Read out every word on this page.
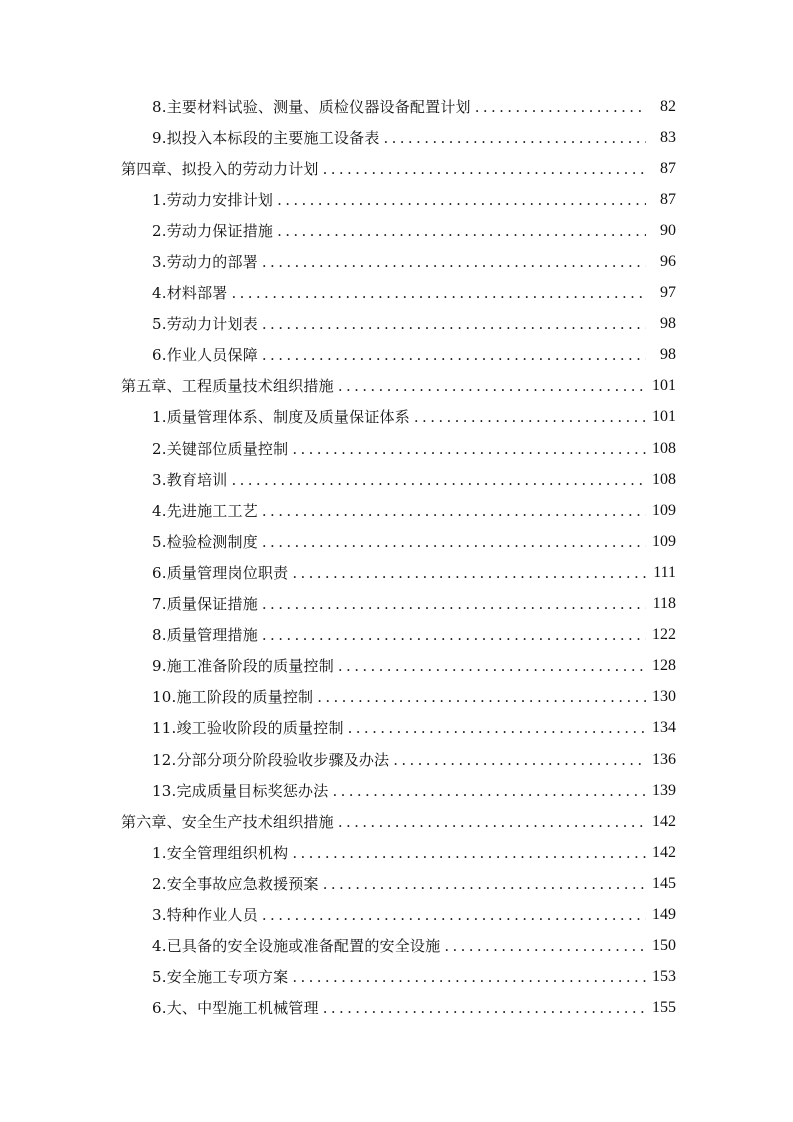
8.主要材料试验、测量、质检仪器设备配置计划 . . .	82
9.拟投入本标段的主要施工设备表 . . .	83
第四章、拟投入的劳动力计划 . . .	87
1.劳动力安排计划 . . .	87
2.劳动力保证措施 . . .	90
3.劳动力的部署 . . .	96
4.材料部署 . . .	97
5.劳动力计划表 . . .	98
6.作业人员保障 . . .	98
第五章、工程质量技术组织措施 . . .	101
1.质量管理体系、制度及质量保证体系 . . .	101
2.关键部位质量控制 . . .	108
3.教育培训 . . .	108
4.先进施工工艺 . . .	109
5.检验检测制度 . . .	109
6.质量管理岗位职责 . . .	111
7.质量保证措施 . . .	118
8.质量管理措施 . . .	122
9.施工准备阶段的质量控制 . . .	128
10.施工阶段的质量控制 . . .	130
11.竣工验收阶段的质量控制 . . .	134
12.分部分项分阶段验收步骤及办法 . . .	136
13.完成质量目标奖惩办法 . . .	139
第六章、安全生产技术组织措施 . . .	142
1.安全管理组织机构 . . .	142
2.安全事故应急救援预案 . . .	145
3.特种作业人员 . . .	149
4.已具备的安全设施或准备配置的安全设施 . . .	150
5.安全施工专项方案 . . .	153
6.大、中型施工机械管理 . . .	155
